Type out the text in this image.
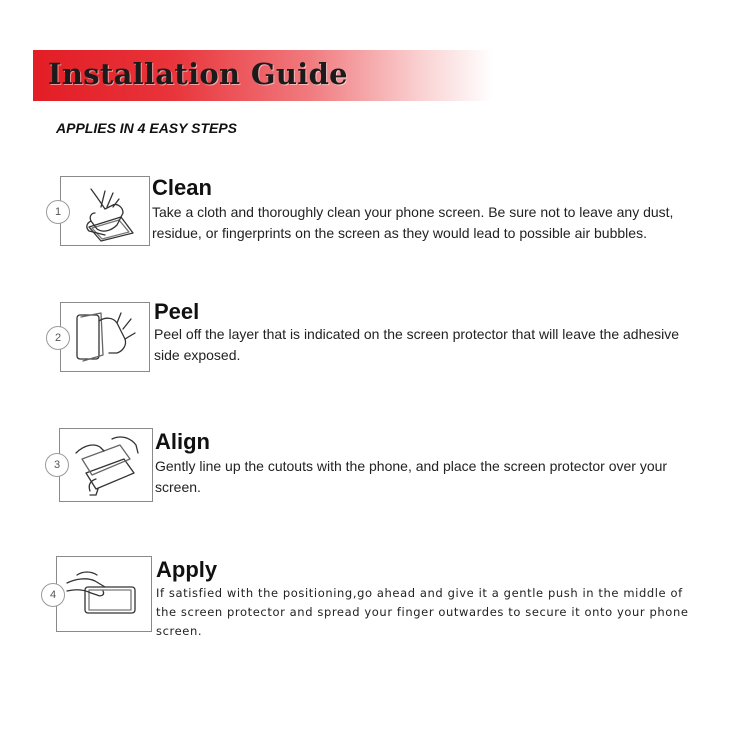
Installation Guide
APPLIES IN 4 EASY STEPS
1
Clean
Take a cloth and thoroughly clean your phone screen. Be sure not to leave any dust, residue, or fingerprints on the screen as they would lead to possible air bubbles.
2
Peel
Peel off the layer that is indicated on the screen protector that will leave the adhesive side exposed.
3
Align
Gently line up the cutouts with the phone, and place the screen protector over your screen.
4
Apply
If satisfied with the positioning,go ahead and give it a gentle push in the middle of the screen protector and spread your finger outwardes to secure it onto your phone screen.
